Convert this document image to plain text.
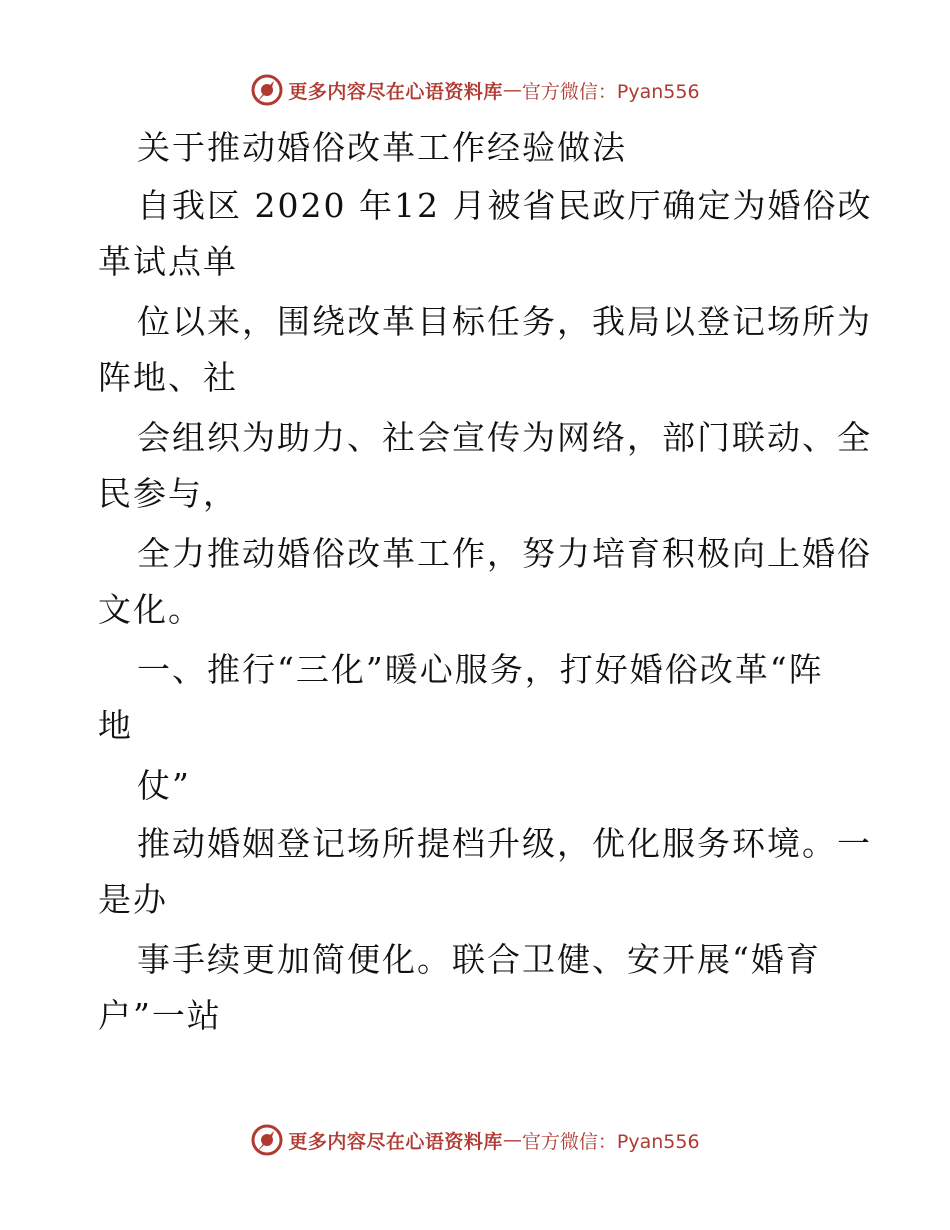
更多内容尽在心语资料库 — 官方微信：Pyan556
关于推动婚俗改革工作经验做法
自我区 2020 年12 月被省民政厅确定为婚俗改
革试点单
位以来，围绕改革目标任务，我局以登记场所为
阵地、社
会组织为助力、社会宣传为网络，部门联动、全
民参与，
全力推动婚俗改革工作，努力培育积极向上婚俗
文化。
一、推行“三化”暖心服务，打好婚俗改革“阵
地
仗”
推动婚姻登记场所提档升级，优化服务环境。一
是办
事手续更加简便化。联合卫健、安开展“婚育
户”一站
更多内容尽在心语资料库 — 官方微信：Pyan556
